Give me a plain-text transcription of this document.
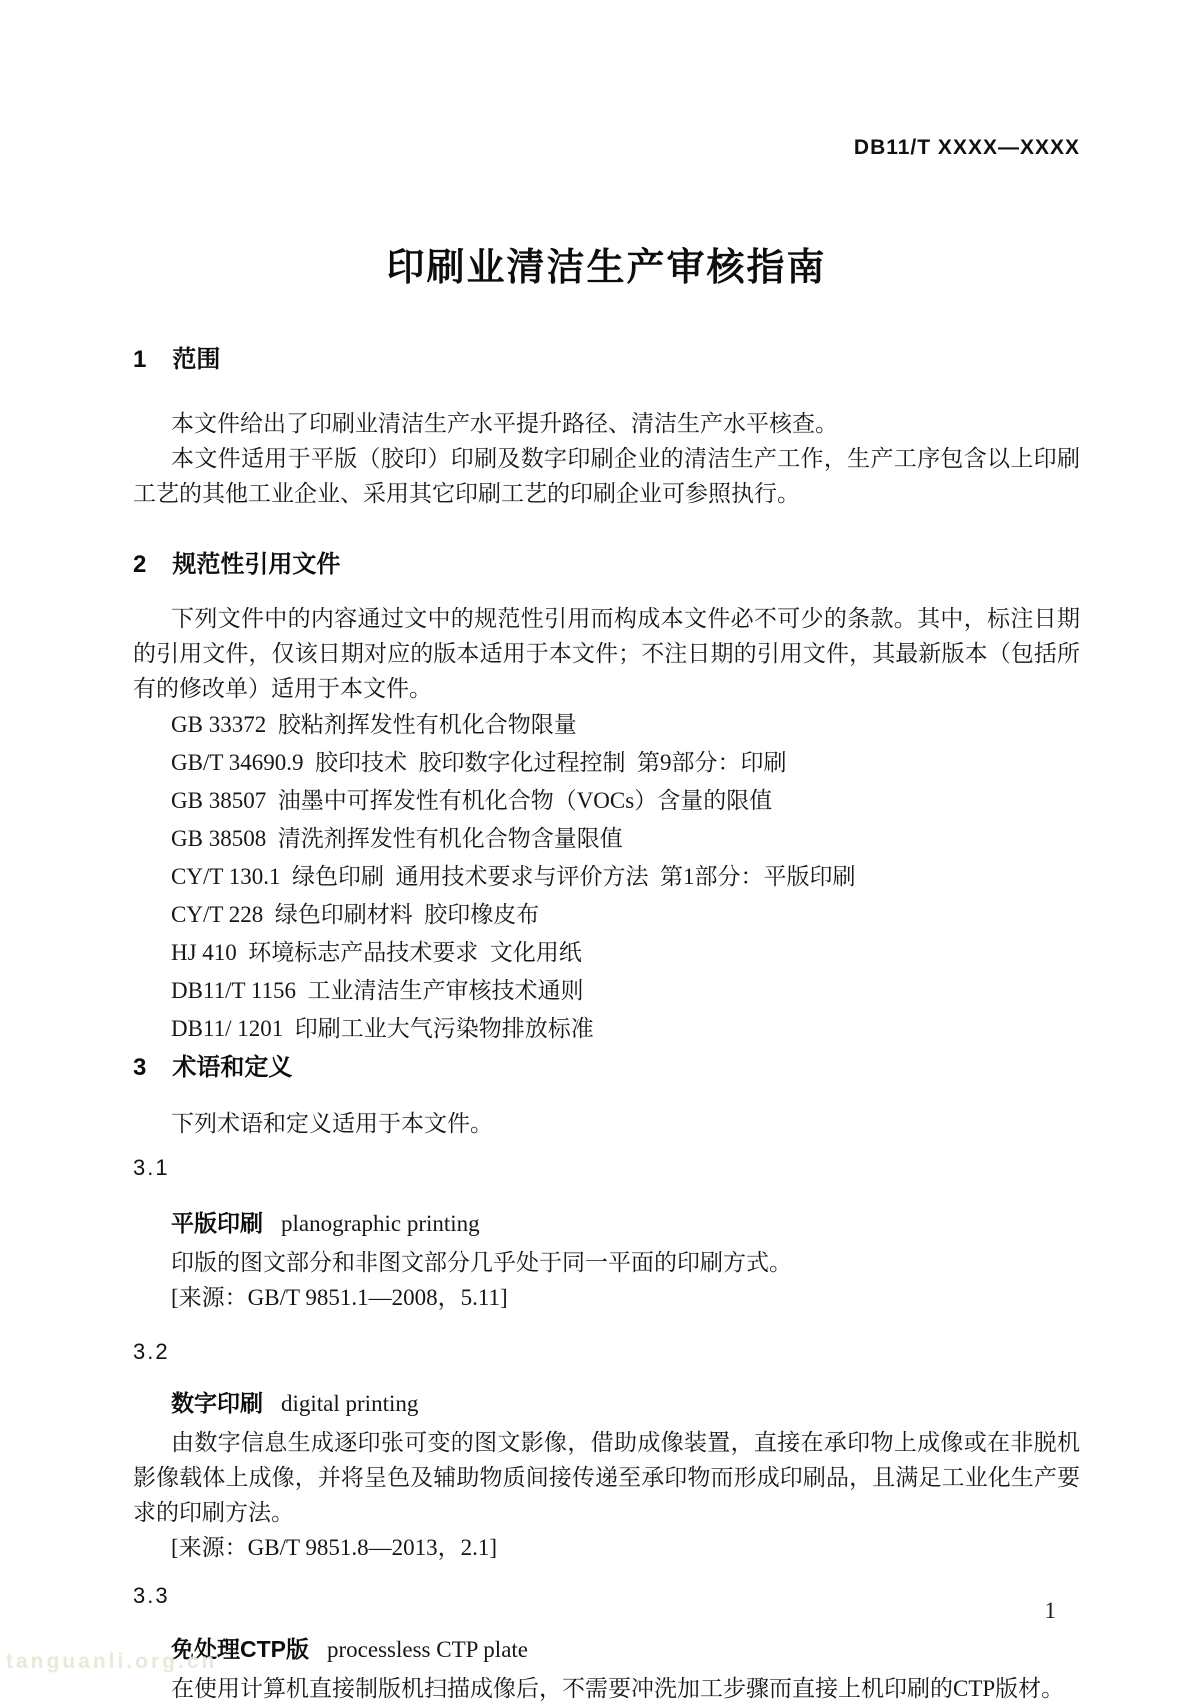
DB11/T XXXX—XXXX
印刷业清洁生产审核指南
1 范围

本文件给出了印刷业清洁生产水平提升路径、清洁生产水平核查。

本文件适用于平版（胶印）印刷及数字印刷企业的清洁生产工作，生产工序包含以上印刷工艺的其他工业企业、采用其它印刷工艺的印刷企业可参照执行。

2 规范性引用文件

下列文件中的内容通过文中的规范性引用而构成本文件必不可少的条款。其中，标注日期的引用文件，仅该日期对应的版本适用于本文件；不注日期的引用文件，其最新版本（包括所有的修改单）适用于本文件。

GB 33372  胶粘剂挥发性有机化合物限量
GB/T 34690.9  胶印技术  胶印数字化过程控制  第9部分：印刷
GB 38507  油墨中可挥发性有机化合物（VOCs）含量的限值
GB 38508  清洗剂挥发性有机化合物含量限值
CY/T 130.1  绿色印刷  通用技术要求与评价方法  第1部分：平版印刷
CY/T 228  绿色印刷材料  胶印橡皮布
HJ 410  环境标志产品技术要求  文化用纸
DB11/T 1156  工业清洁生产审核技术通则
DB11/ 1201  印刷工业大气污染物排放标准
3 术语和定义

下列术语和定义适用于本文件。

3.1
平版印刷 planographic printing

印版的图文部分和非图文部分几乎处于同一平面的印刷方式。

[来源：GB/T 9851.1—2008，5.11]
3.2
数字印刷 digital printing

由数字信息生成逐印张可变的图文影像，借助成像装置，直接在承印物上成像或在非脱机影像载体上成像，并将呈色及辅助物质间接传递至承印物而形成印刷品，且满足工业化生产要求的印刷方法。

[来源：GB/T 9851.8—2013，2.1]
3.3
免处理CTP版 processless CTP plate

在使用计算机直接制版机扫描成像后，不需要冲洗加工步骤而直接上机印刷的CTP版材。

1
tanguanli.org.cn
